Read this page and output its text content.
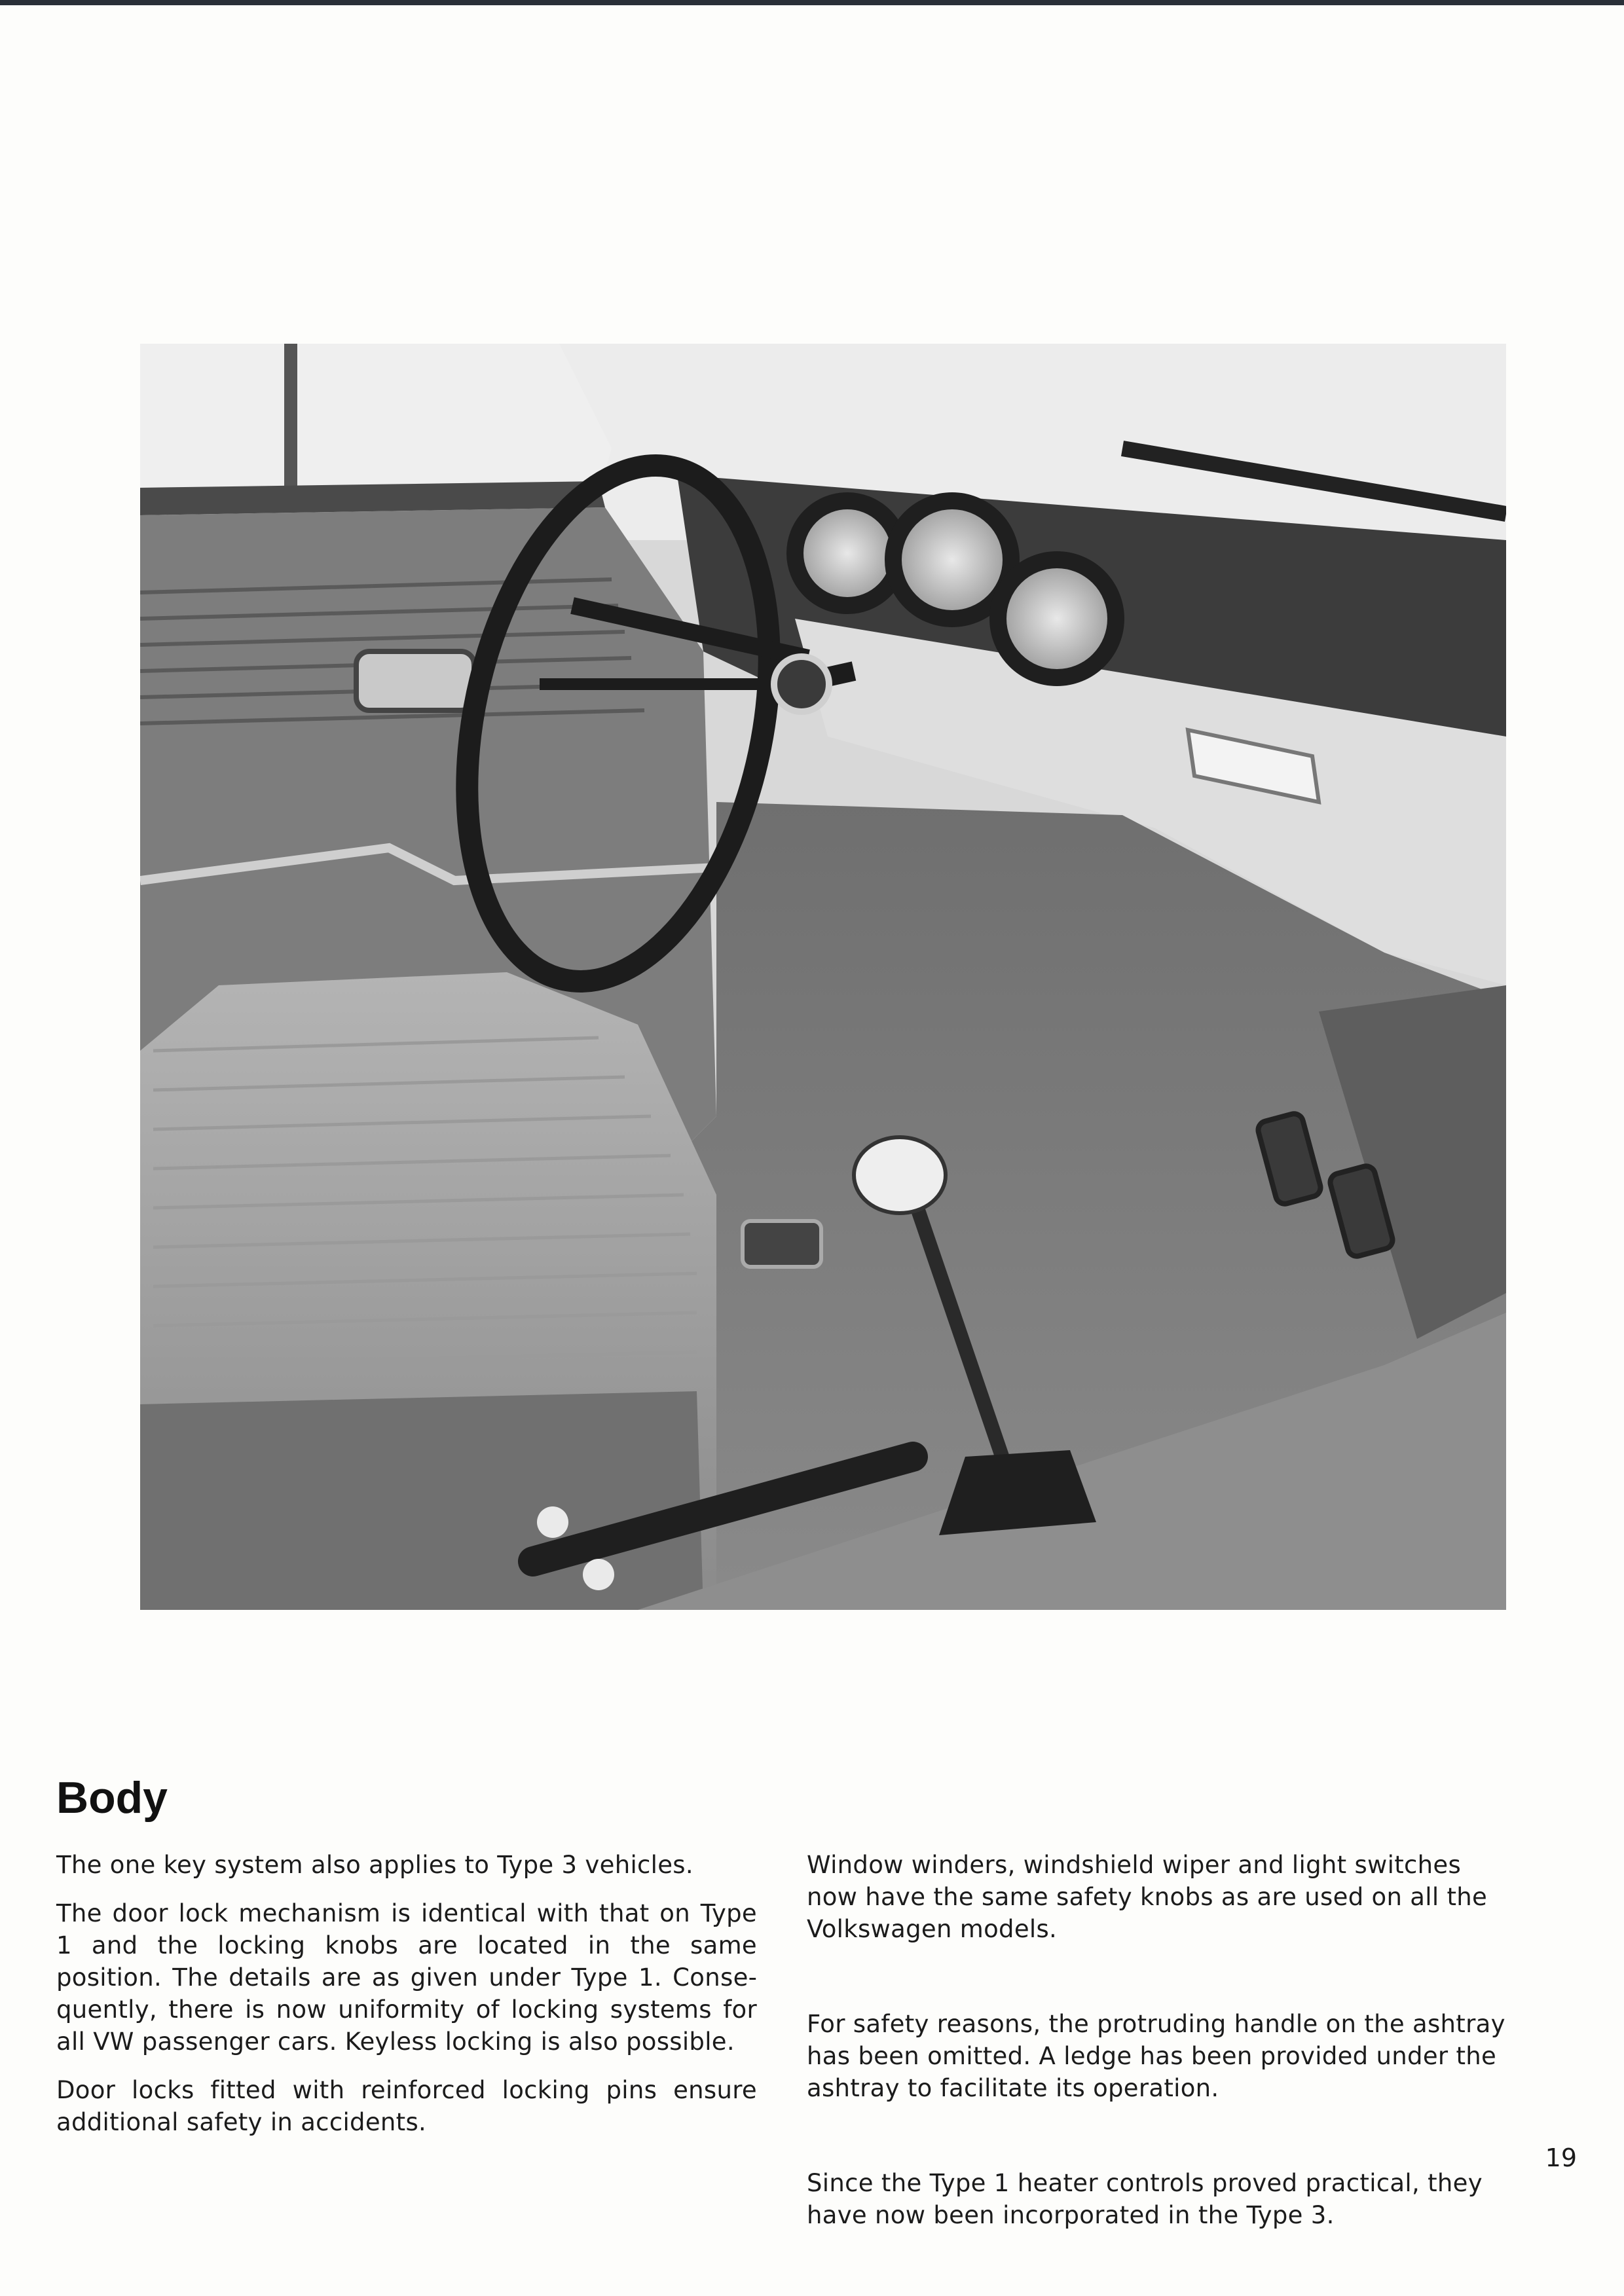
Body

The one key system also applies to Type 3 vehicles.

The door lock mechanism is identical with that on Type 1 and the locking knobs are located in the same position. The details are as given under Type 1. Consequently, there is now uniformity of locking systems for all VW passenger cars. Keyless locking is also possible.

Door locks fitted with reinforced locking pins ensure additional safety in accidents.

Window winders, windshield wiper and light switches now have the same safety knobs as are used on all the Volkswagen models.

For safety reasons, the protruding handle on the ashtray has been omitted. A ledge has been provided under the ashtray to facilitate its operation.

Since the Type 1 heater controls proved practical, they have now been incorporated in the Type 3.

19
